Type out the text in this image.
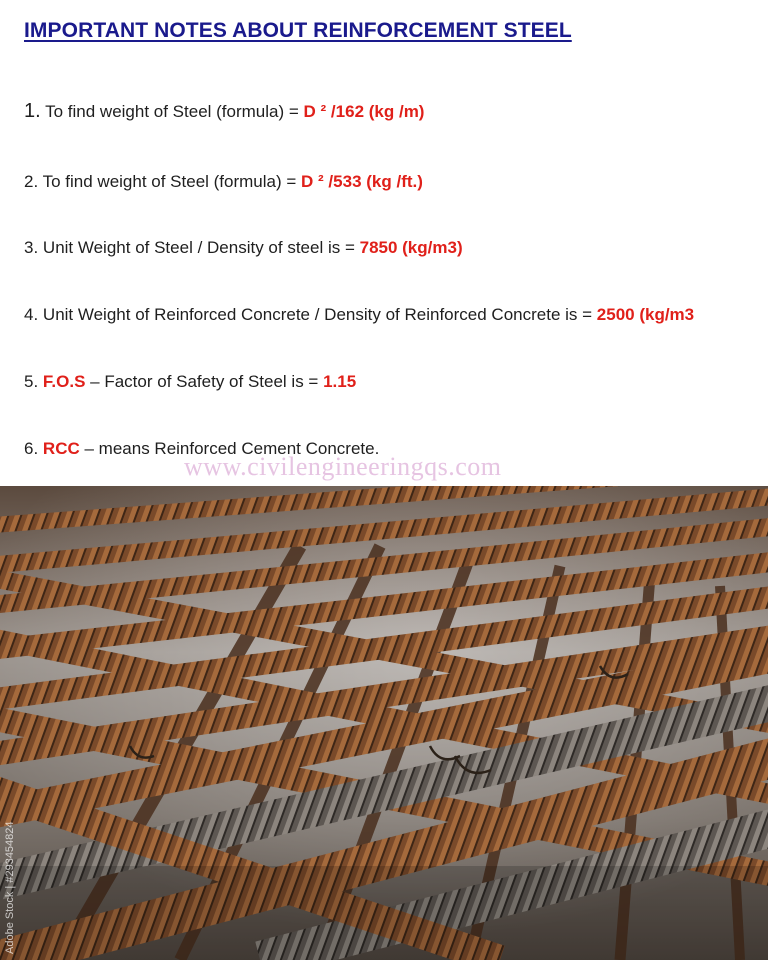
IMPORTANT NOTES ABOUT REINFORCEMENT STEEL
1. To find weight of Steel (formula) = D ² /162 (kg /m)
2. To find weight of Steel (formula) = D ² /533 (kg /ft.)
3. Unit Weight of Steel / Density of steel is = 7850 (kg/m3)
4. Unit Weight of Reinforced Concrete / Density of Reinforced Concrete is = 2500 (kg/m3
5. F.O.S – Factor of Safety of Steel is = 1.15
6. RCC – means Reinforced Cement Concrete.
www.civilengineeringqs.com
Adobe Stock | #293454824
